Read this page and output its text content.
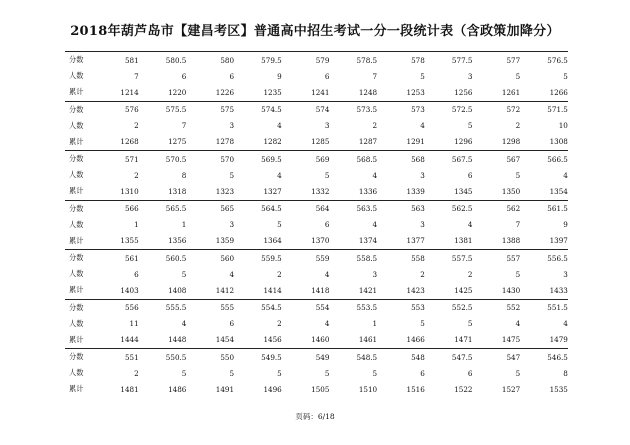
2018年葫芦岛市【建昌考区】普通高中招生考试一分一段统计表（含政策加降分）
分数	581	580.5	580	579.5	579	578.5	578	577.5	577	576.5
人数	7	6	6	9	6	7	5	3	5	5
累计	1214	1220	1226	1235	1241	1248	1253	1256	1261	1266
分数	576	575.5	575	574.5	574	573.5	573	572.5	572	571.5
人数	2	7	3	4	3	2	4	5	2	10
累计	1268	1275	1278	1282	1285	1287	1291	1296	1298	1308
分数	571	570.5	570	569.5	569	568.5	568	567.5	567	566.5
人数	2	8	5	4	5	4	3	6	5	4
累计	1310	1318	1323	1327	1332	1336	1339	1345	1350	1354
分数	566	565.5	565	564.5	564	563.5	563	562.5	562	561.5
人数	1	1	3	5	6	4	3	4	7	9
累计	1355	1356	1359	1364	1370	1374	1377	1381	1388	1397
分数	561	560.5	560	559.5	559	558.5	558	557.5	557	556.5
人数	6	5	4	2	4	3	2	2	5	3
累计	1403	1408	1412	1414	1418	1421	1423	1425	1430	1433
分数	556	555.5	555	554.5	554	553.5	553	552.5	552	551.5
人数	11	4	6	2	4	1	5	5	4	4
累计	1444	1448	1454	1456	1460	1461	1466	1471	1475	1479
分数	551	550.5	550	549.5	549	548.5	548	547.5	547	546.5
人数	2	5	5	5	5	5	6	6	5	8
累计	1481	1486	1491	1496	1505	1510	1516	1522	1527	1535
页码：6/18
